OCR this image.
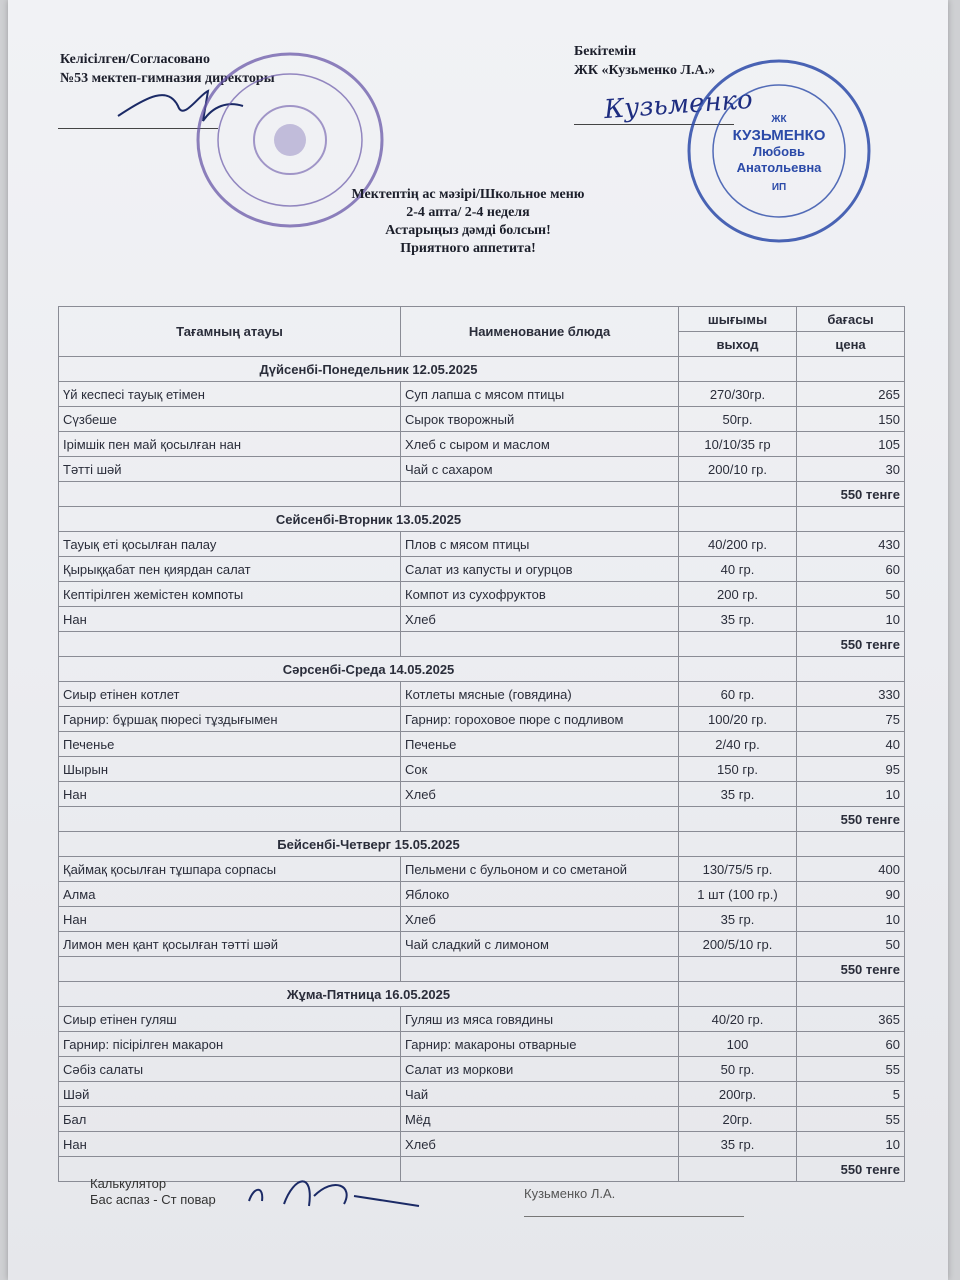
Келісілген/Согласовано
№53 мектеп-гимназия директоры
Бекітемін
ЖК «Кузьменко Л.А.»
Кузьменко	ЖК
КУЗЬМЕНКО
Любовь
Анатольевна
ИП
Мектептің ас мәзірі/Школьное меню
2-4 апта/ 2-4 неделя
Астарыңыз дәмді болсын!
Приятного аппетита!
Тағамның атауы	Наименование блюда	шығымы	бағасы
		выход	цена
Дүйсенбі-Понедельник 12.05.2025			
Үй кеспесі тауық етімен	Суп лапша с мясом птицы	270/30гр.	265
Сүзбеше	Сырок творожный	50гр.	150
Ірімшік пен май қосылған нан	Хлеб с сыром и маслом	10/10/35 гр	105
Тәтті шәй	Чай с сахаром	200/10 гр.	30
			550 тенге
Сейсенбі-Вторник 13.05.2025			
Тауық еті қосылған палау	Плов с мясом птицы	40/200 гр.	430
Қырыққабат пен қиярдан салат	Салат из капусты и огурцов	40 гр.	60
Кептірілген жемістен компоты	Компот из сухофруктов	200 гр.	50
Нан	Хлеб	35 гр.	10
			550 тенге
Сәрсенбі-Среда 14.05.2025			
Сиыр етінен котлет	Котлеты мясные (говядина)	60 гр.	330
Гарнир: бұршақ пюресі тұздығымен	Гарнир: гороховое пюре с подливом	100/20 гр.	75
Печенье	Печенье	2/40 гр.	40
Шырын	Сок	150 гр.	95
Нан	Хлеб	35 гр.	10
			550 тенге
Бейсенбі-Четверг 15.05.2025			
Қаймақ қосылған тұшпара сорпасы	Пельмени с бульоном и со сметаной	130/75/5 гр.	400
Алма	Яблоко	1 шт (100 гр.)	90
Нан	Хлеб	35 гр.	10
Лимон мен қант қосылған тәтті шәй	Чай сладкий с лимоном	200/5/10 гр.	50
			550 тенге
Жұма-Пятница 16.05.2025			
Сиыр етінен гуляш	Гуляш из мяса говядины	40/20 гр.	365
Гарнир: пісірілген макарон	Гарнир: макароны отварные	100	60
Сәбіз салаты	Салат из моркови	50 гр.	55
Шәй	Чай	200гр.	5
Бал	Мёд	20гр.	55
Нан	Хлеб	35 гр.	10
			550 тенге
Калькулятор
Бас аспаз - Ст повар	Кузьменко Л.А.
